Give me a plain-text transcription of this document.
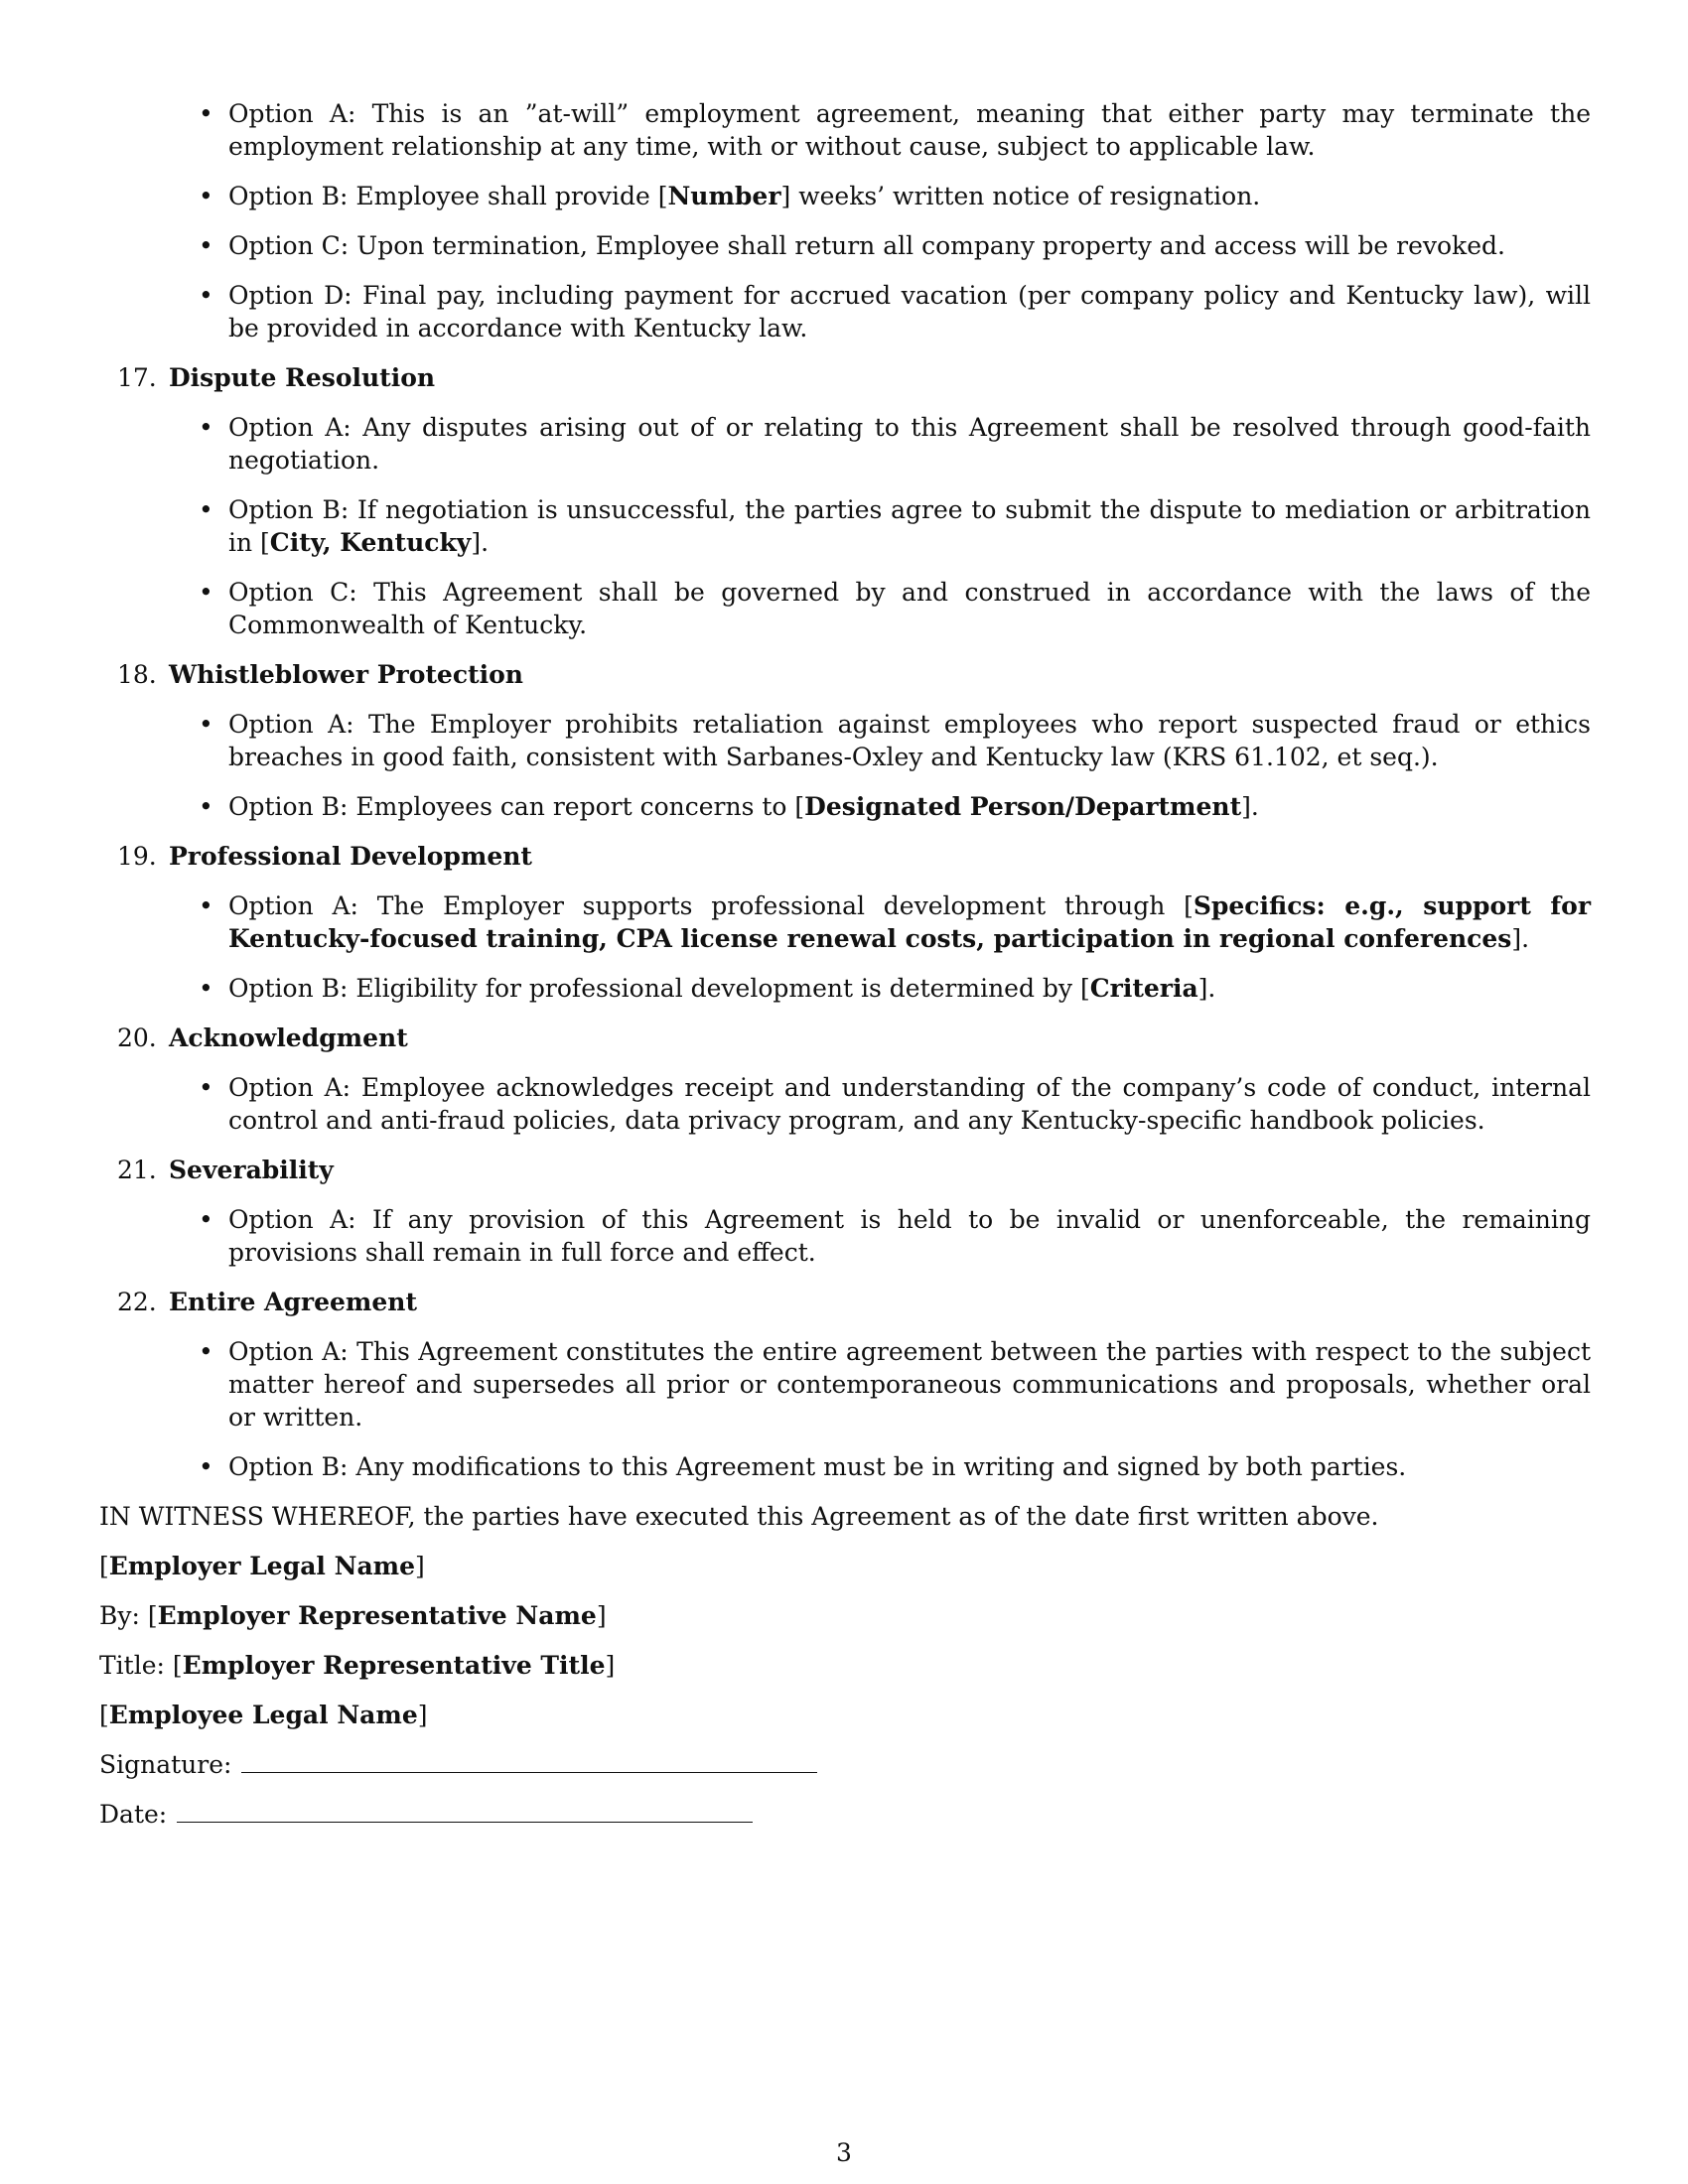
• Option A: This is an ”at-will” employment agreement, meaning that either party may terminate the employment relationship at any time, with or without cause, subject to applicable law.
• Option B: Employee shall provide [Number] weeks’ written notice of resignation.
• Option C: Upon termination, Employee shall return all company property and access will be revoked.
• Option D: Final pay, including payment for accrued vacation (per company policy and Kentucky law), will be provided in accordance with Kentucky law.
17. Dispute Resolution
• Option A: Any disputes arising out of or relating to this Agreement shall be resolved through good-faith negotiation.
• Option B: If negotiation is unsuccessful, the parties agree to submit the dispute to mediation or arbitration in [City, Kentucky].
• Option C: This Agreement shall be governed by and construed in accordance with the laws of the Commonwealth of Kentucky.
18. Whistleblower Protection
• Option A: The Employer prohibits retaliation against employees who report suspected fraud or ethics breaches in good faith, consistent with Sarbanes-Oxley and Kentucky law (KRS 61.102, et seq.).
• Option B: Employees can report concerns to [Designated Person/Department].
19. Professional Development
• Option A: The Employer supports professional development through [Specifics: e.g., support for Kentucky-focused training, CPA license renewal costs, participation in regional conferences].
• Option B: Eligibility for professional development is determined by [Criteria].
20. Acknowledgment
• Option A: Employee acknowledges receipt and understanding of the company’s code of conduct, internal control and anti-fraud policies, data privacy program, and any Kentucky-specific handbook policies.
21. Severability
• Option A: If any provision of this Agreement is held to be invalid or unenforceable, the remaining provisions shall remain in full force and effect.
22. Entire Agreement
• Option A: This Agreement constitutes the entire agreement between the parties with respect to the subject matter hereof and supersedes all prior or contemporaneous communications and proposals, whether oral or written.
• Option B: Any modifications to this Agreement must be in writing and signed by both parties.

IN WITNESS WHEREOF, the parties have executed this Agreement as of the date first written above.

[Employer Legal Name]

By: [Employer Representative Name]

Title: [Employer Representative Title]

[Employee Legal Name]

Signature:

Date:

3
